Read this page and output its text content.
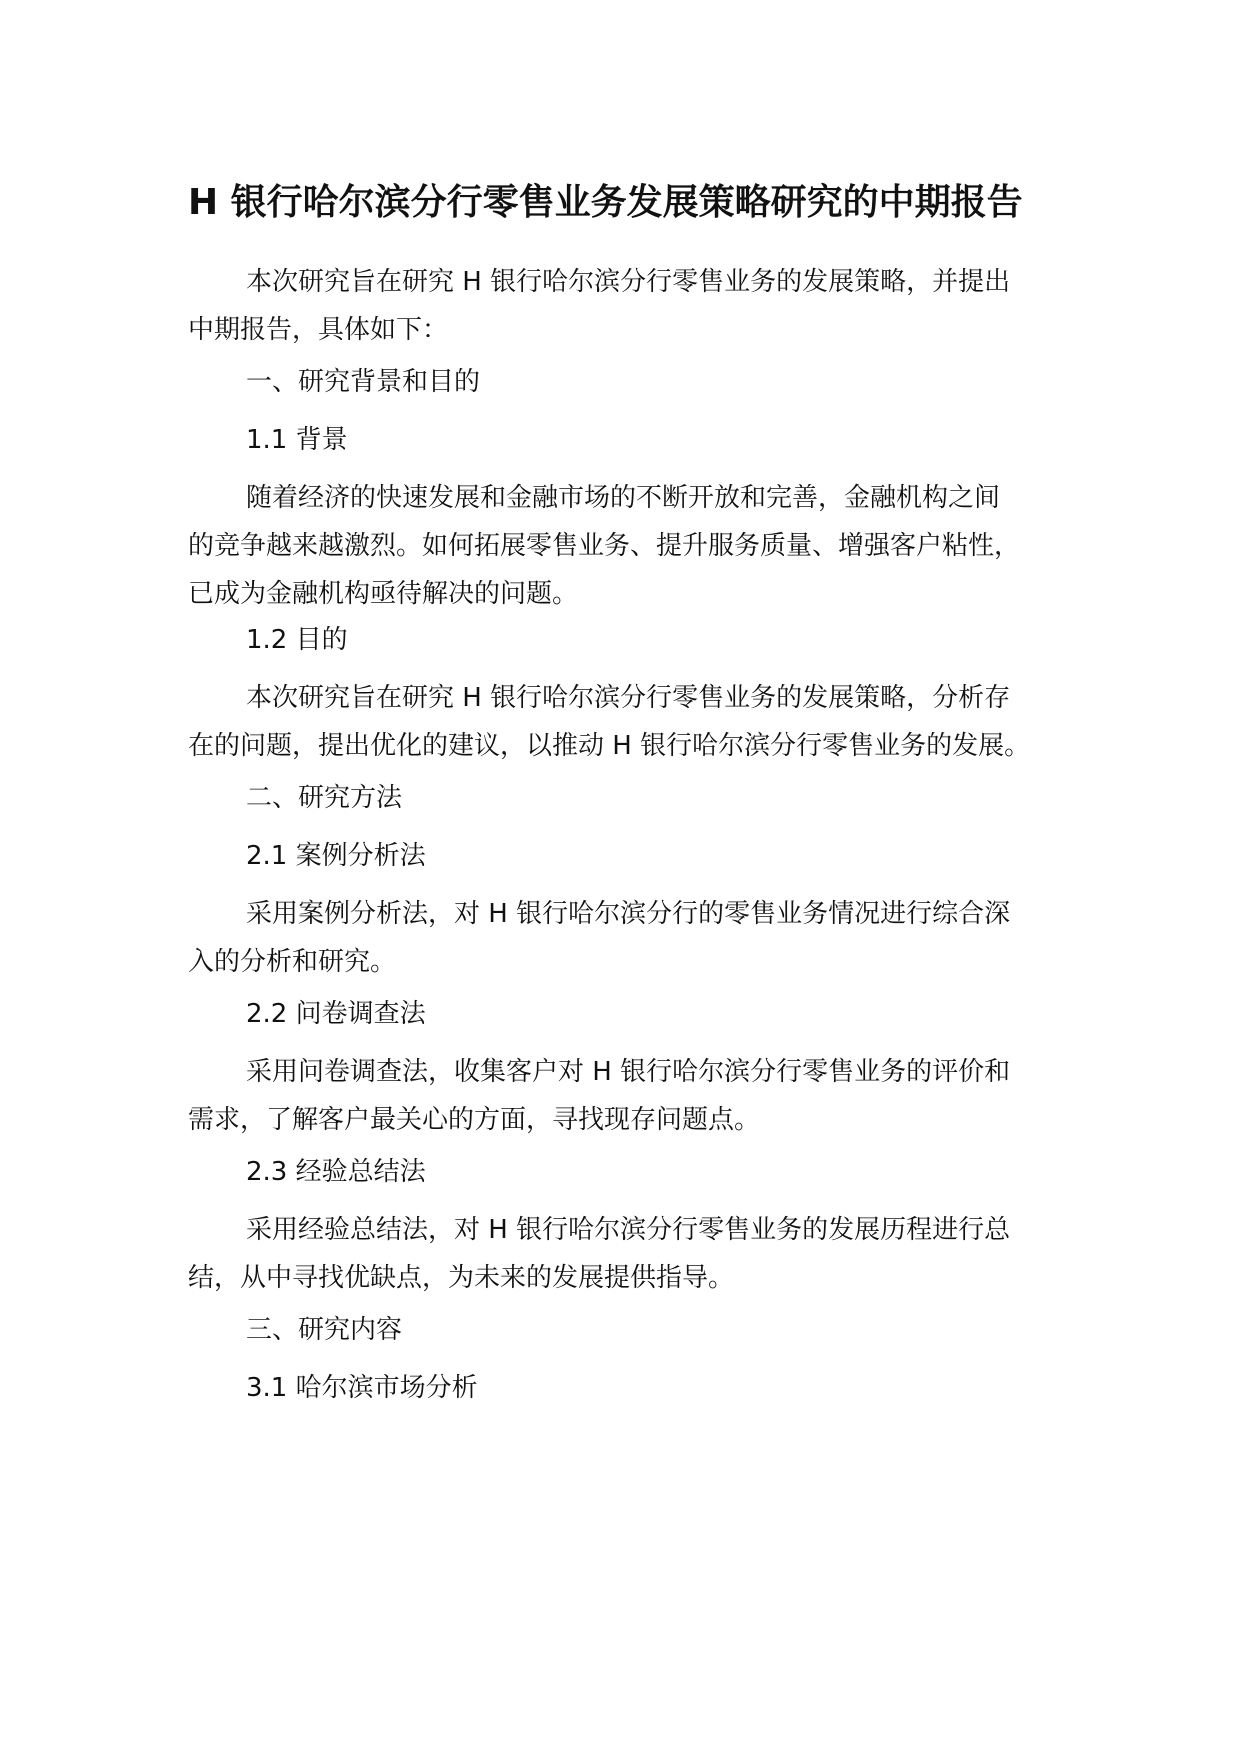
H 银行哈尔滨分行零售业务发展策略研究的中期报告

本次研究旨在研究 H 银行哈尔滨分行零售业务的发展策略，并提出
中期报告，具体如下：

一、研究背景和目的

1.1 背景

随着经济的快速发展和金融市场的不断开放和完善，金融机构之间
的竞争越来越激烈。如何拓展零售业务、提升服务质量、增强客户粘性，
已成为金融机构亟待解决的问题。

1.2 目的

本次研究旨在研究 H 银行哈尔滨分行零售业务的发展策略，分析存
在的问题，提出优化的建议，以推动 H 银行哈尔滨分行零售业务的发展。

二、研究方法

2.1 案例分析法

采用案例分析法，对 H 银行哈尔滨分行的零售业务情况进行综合深
入的分析和研究。

2.2 问卷调查法

采用问卷调查法，收集客户对 H 银行哈尔滨分行零售业务的评价和
需求，了解客户最关心的方面，寻找现存问题点。

2.3 经验总结法

采用经验总结法，对 H 银行哈尔滨分行零售业务的发展历程进行总
结，从中寻找优缺点，为未来的发展提供指导。

三、研究内容

3.1 哈尔滨市场分析
